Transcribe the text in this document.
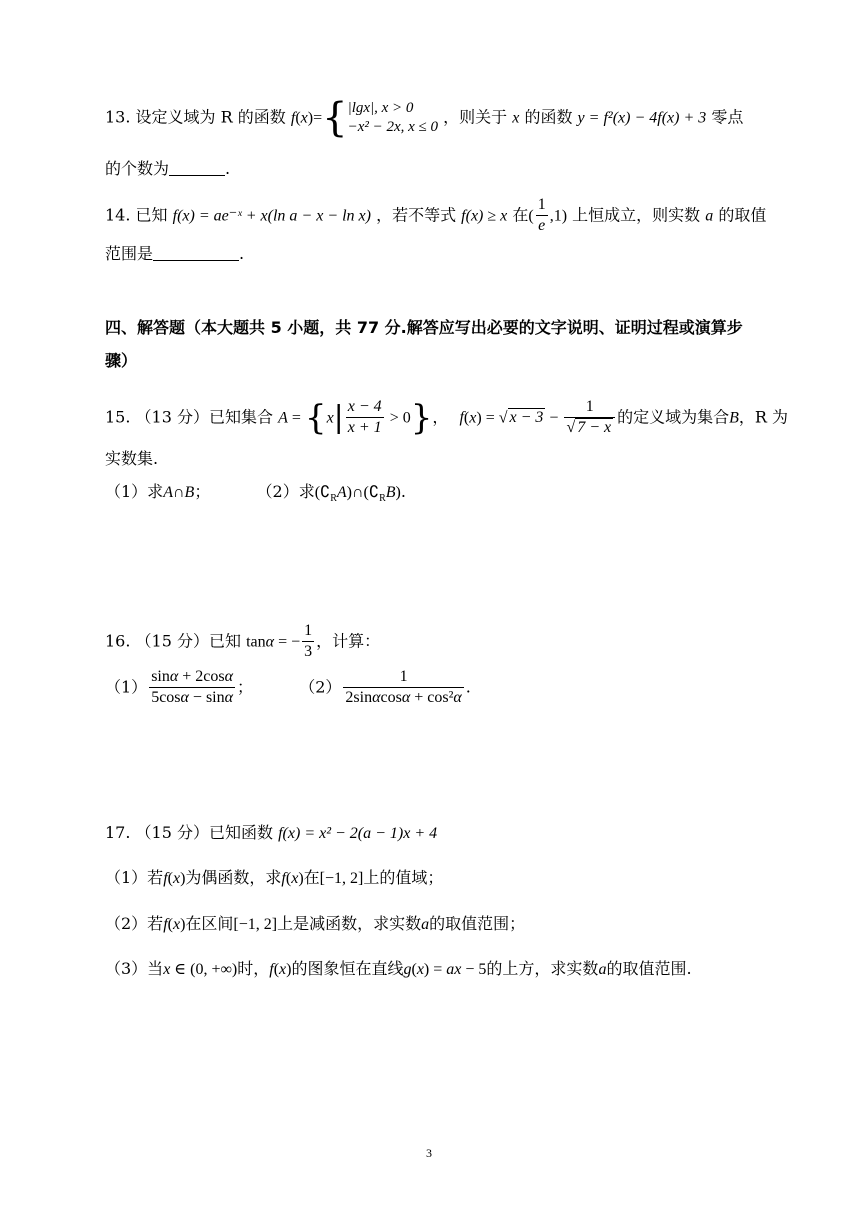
13. 设定义域为 R 的函数 f(x)={ |lgx|, x > 0
−x² − 2x, x ≤ 0
，则关于 x 的函数 y = f²(x) − 4f(x) + 3 零点
的个数为	.
14. 已知 f(x) = ae⁻ˣ + x(ln a − x − ln x) ，若不等式 f(x) ≥ x 在( $\frac{1}{e} ,1$) 上恒成立，则实数 a 的取值
范围是	.
四、解答题（本大题共 5 小题，共 77 分.解答应写出必要的文字说明、证明过程或演算步
骤）
15. （13 分）已知集合 $A = \{x| \frac{x - 4}{x + 1} > 0\}$， f(x) = √ $x - 3 - \frac{1}{√ 7 - x}$ 的定义域为集合B，R 为
实数集.
（1）求A∩B；	（2）求$(∁_RA)\cap(∁_RB)$.
16. （15 分）已知 tanα = − $\frac{1}{3}$ ，计算：
$(1) \frac{\sin\alpha + 2\cos\alpha}{5\cos\alpha - \sin\alpha}$ ；	$(2) \frac{1}{\text{2sinαcosα + cos²α}}$ .
17. （15 分）已知函数 f(x) = x² − 2(a − 1)x + 4
（1）若f(x)为偶函数，求f(x)在[−1, 2]上的值域；
（2）若f(x)在区间[−1, 2]上是减函数，求实数a的取值范围；
（3）当x ∈ (0, +∞)时，f(x)的图象恒在直线g(x) = ax − 5的上方，求实数a的取值范围.
3
